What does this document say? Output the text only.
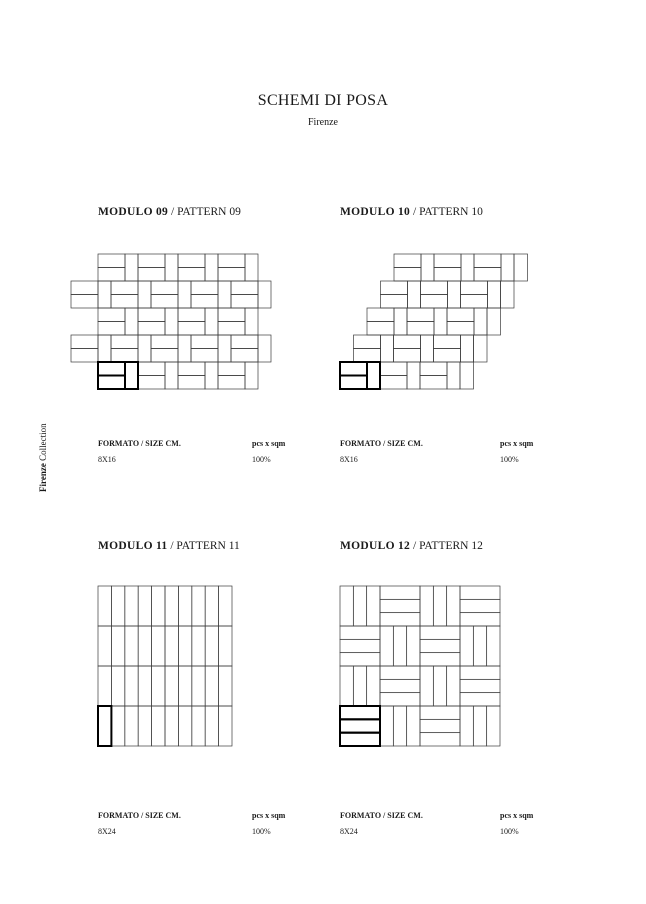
SCHEMI DI POSA
Firenze
Firenze Collection
MODULO 09 / PATTERN 09
FORMATO / SIZE CM.	pcs x sqm
8X16	100%
MODULO 10 / PATTERN 10
FORMATO / SIZE CM.	pcs x sqm
8X16	100%
MODULO 11 / PATTERN 11
FORMATO / SIZE CM.	pcs x sqm
8X24	100%
MODULO 12 / PATTERN 12
FORMATO / SIZE CM.	pcs x sqm
8X24	100%
